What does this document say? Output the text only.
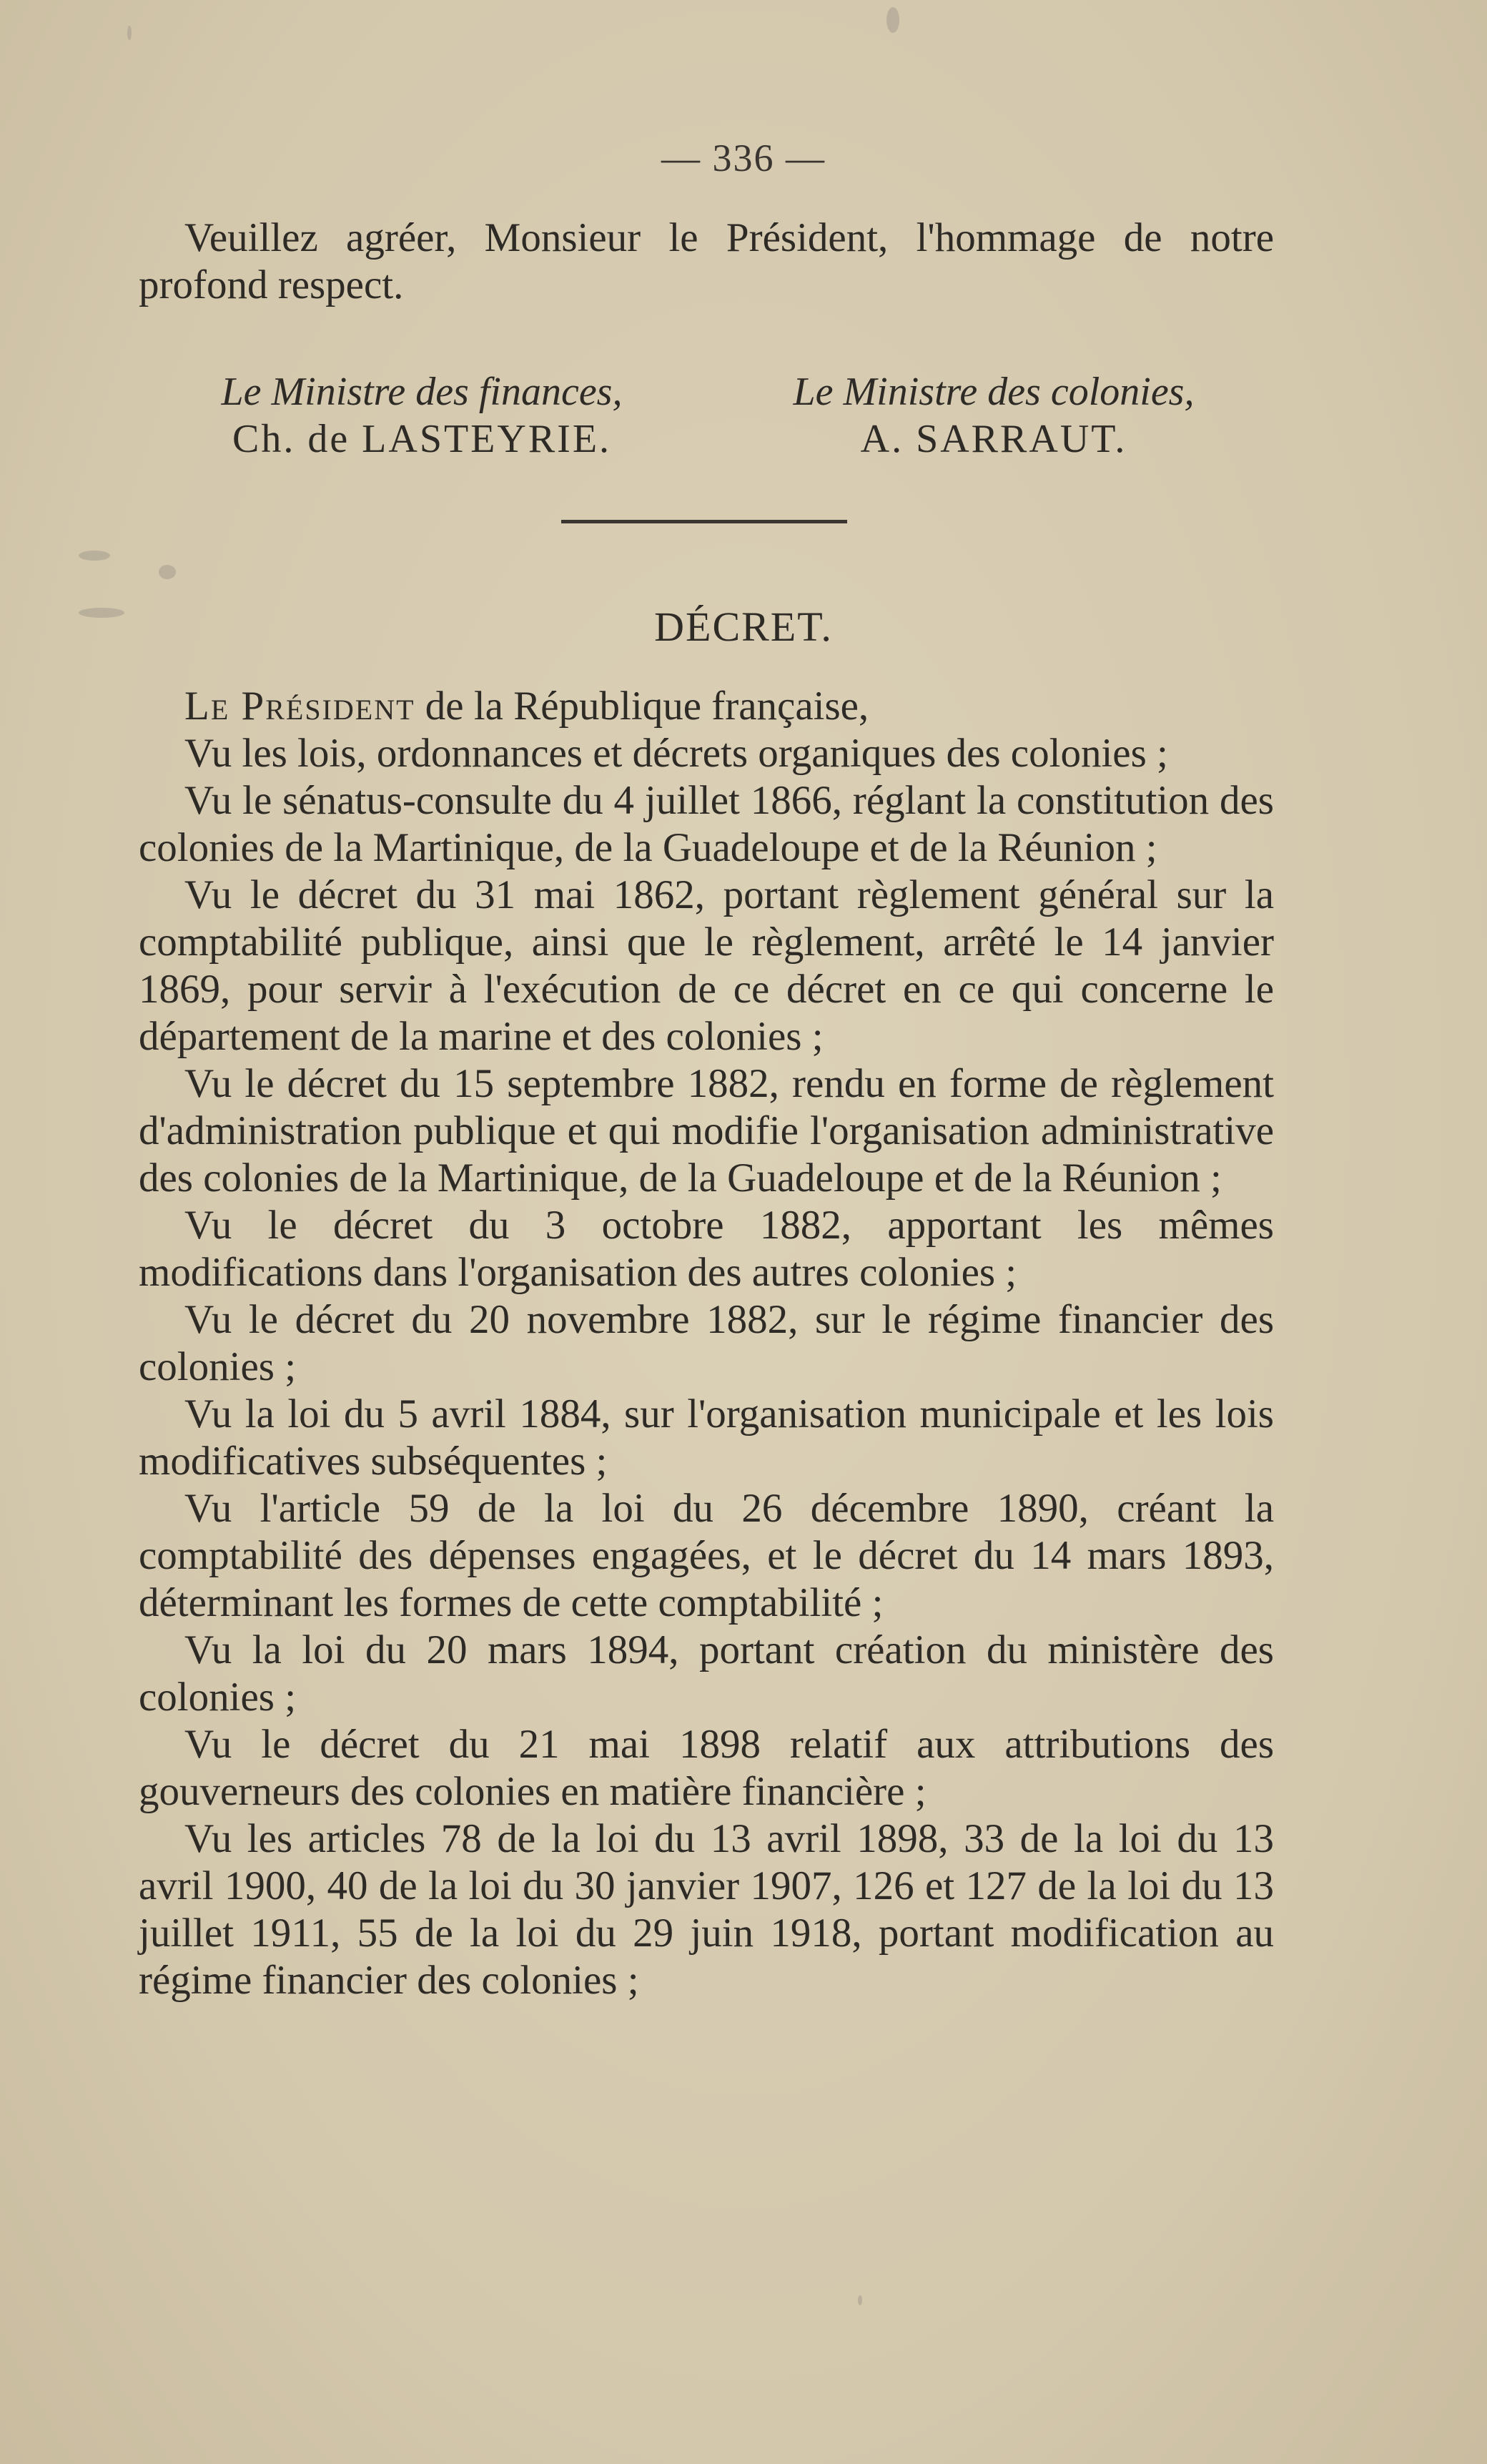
— 336 —

Veuillez agréer, Monsieur le Président, l'hommage de notre profond respect.

Le Ministre des finances,
Ch. de LASTEYRIE.
Le Ministre des colonies,
A. SARRAUT.
DÉCRET.

Le Président de la République française,

Vu les lois, ordonnances et décrets organiques des colonies ;

Vu le sénatus-consulte du 4 juillet 1866, réglant la constitution des colonies de la Martinique, de la Guadeloupe et de la Réunion ;

Vu le décret du 31 mai 1862, portant règlement général sur la comptabilité publique, ainsi que le règlement, arrêté le 14 janvier 1869, pour servir à l'exécution de ce décret en ce qui concerne le département de la marine et des colonies ;

Vu le décret du 15 septembre 1882, rendu en forme de règlement d'administration publique et qui modifie l'organisation administrative des colonies de la Martinique, de la Guadeloupe et de la Réunion ;

Vu le décret du 3 octobre 1882, apportant les mêmes modifications dans l'organisation des autres colonies ;

Vu le décret du 20 novembre 1882, sur le régime financier des colonies ;

Vu la loi du 5 avril 1884, sur l'organisation municipale et les lois modificatives subséquentes ;

Vu l'article 59 de la loi du 26 décembre 1890, créant la comptabilité des dépenses engagées, et le décret du 14 mars 1893, déterminant les formes de cette comptabilité ;

Vu la loi du 20 mars 1894, portant création du ministère des colonies ;

Vu le décret du 21 mai 1898 relatif aux attributions des gouverneurs des colonies en matière financière ;

Vu les articles 78 de la loi du 13 avril 1898, 33 de la loi du 13 avril 1900, 40 de la loi du 30 janvier 1907, 126 et 127 de la loi du 13 juillet 1911, 55 de la loi du 29 juin 1918, portant modification au régime financier des colonies ;
